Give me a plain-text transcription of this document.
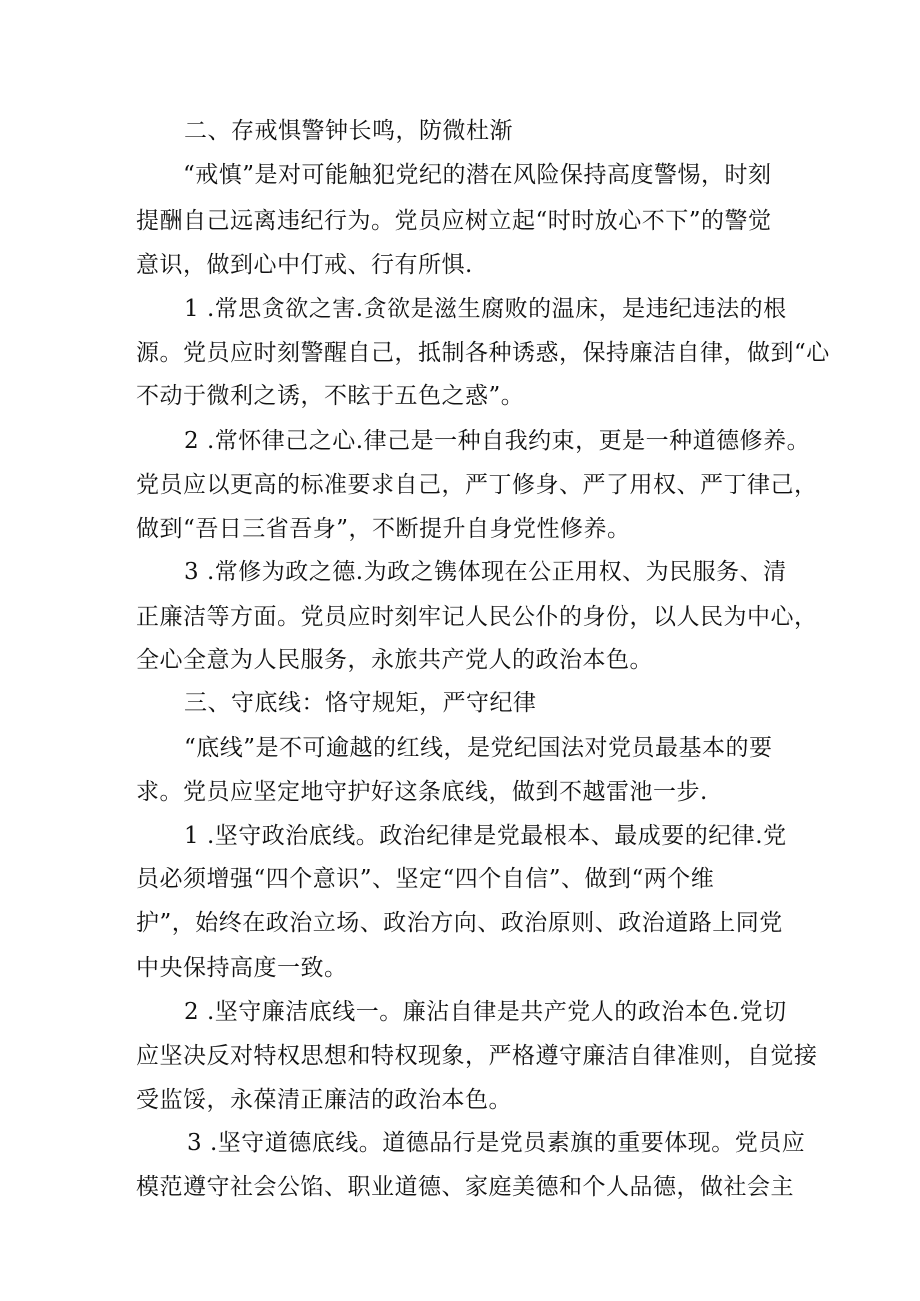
二、存戒惧警钟长鸣，防微杜渐
“戒慎”是对可能触犯党纪的潜在风险保持高度警惕，时刻
提酬自己远离违纪行为。党员应树立起“时时放心不下”的警觉
意识，做到心中仃戒、行有所惧.
1 .常思贪欲之害.贪欲是滋生腐败的温床，是违纪违法的根
源。党员应时刻警醒自己，抵制各种诱惑，保持廉洁自律，做到“心
不动于微利之诱，不眩于五色之惑”。
2 .常怀律己之心.律己是一种自我约束，更是一种道德修养。
党员应以更高的标准要求自己，严丁修身、严了用权、严丁律己，
做到“吾日三省吾身”，不断提升自身党性修养。
3 .常修为政之德.为政之镌体现在公正用权、为民服务、清
正廉洁等方面。党员应时刻牢记人民公仆的身份，以人民为中心，
全心全意为人民服务，永旅共产党人的政治本色。
三、守底线：恪守规矩，严守纪律
“底线”是不可逾越的红线，是党纪国法对党员最基本的要
求。党员应坚定地守护好这条底线，做到不越雷池一步.
1 .坚守政治底线。政治纪律是党最根本、最成要的纪律.党
员必须增强“四个意识”、坚定“四个自信”、做到“两个维
护”，始终在政治立场、政治方向、政治原则、政治道路上同党
中央保持高度一致。
2 .坚守廉洁底线一。廉沾自律是共产党人的政治本色.党切
应坚决反对特权思想和特权现象，严格遵守廉洁自律准则，自觉接
受监馁，永葆清正廉洁的政治本色。
3 .坚守道德底线。道德品行是党员素旗的重要体现。党员应
模范遵守社会公馅、职业道德、家庭美德和个人品德，做社会主
